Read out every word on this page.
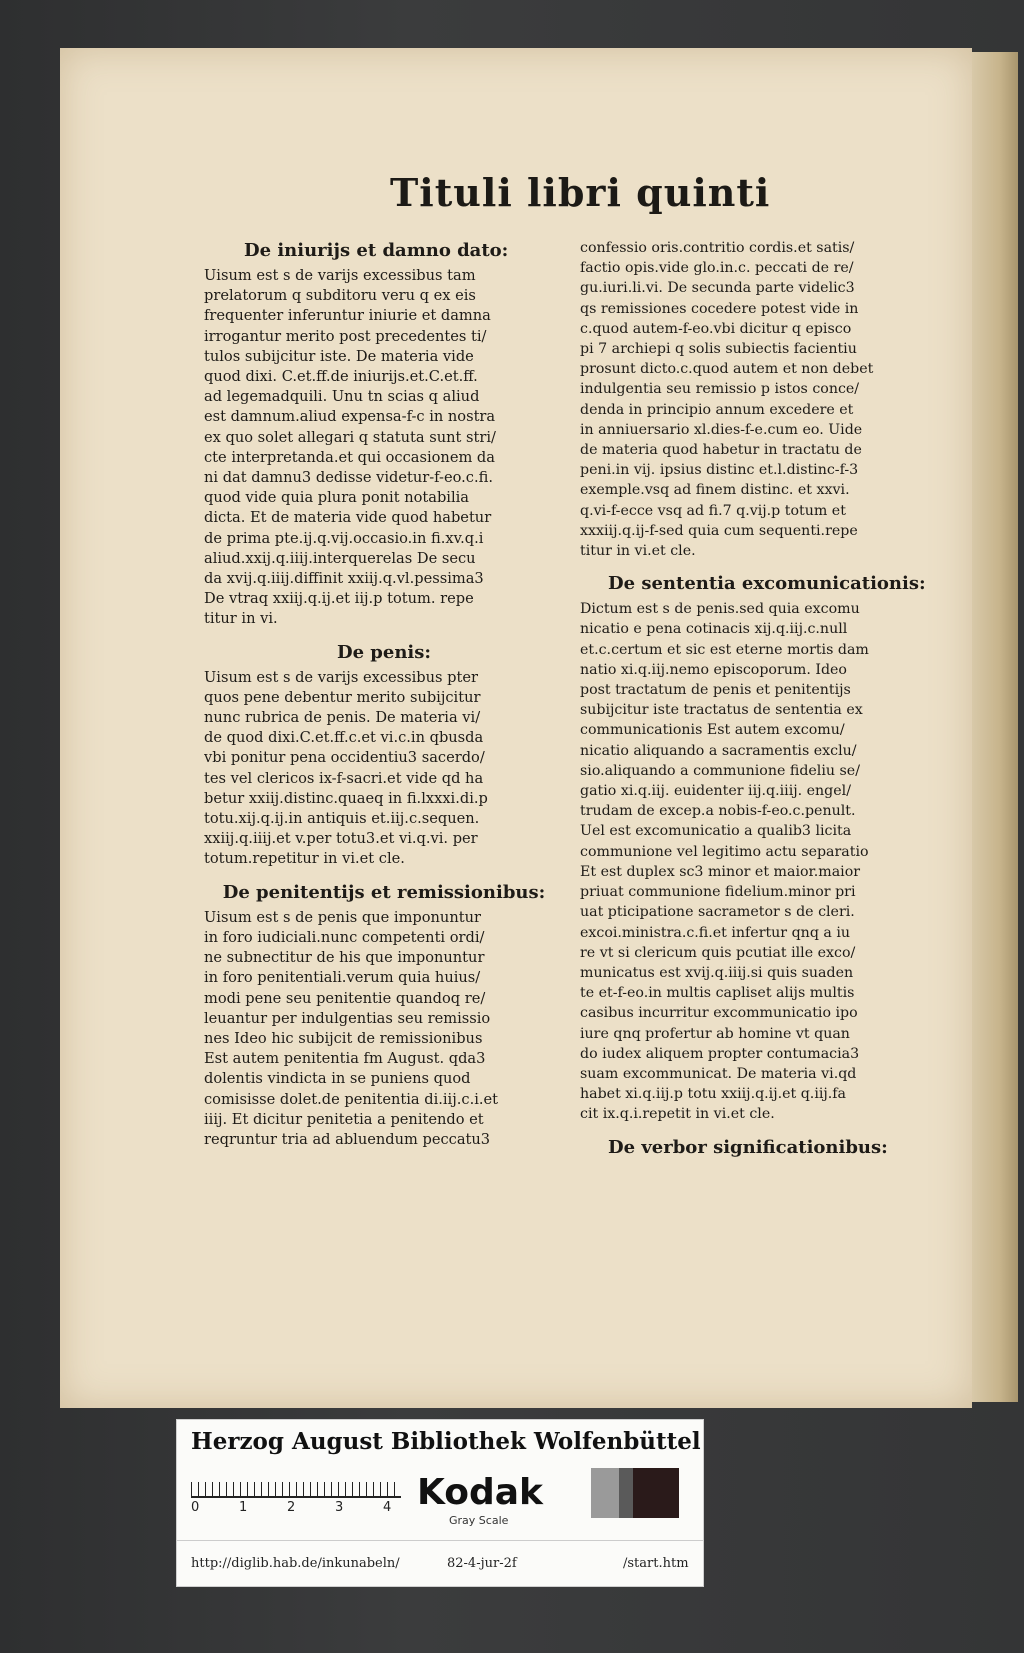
Tituli libri quinti
De iniurijs et damno dato:
Uisum est s de varijs excessibus tam
prelatorum q subditoru veru q ex eis
frequenter inferuntur iniurie et damna
irrogantur merito post precedentes ti/
tulos subijcitur iste. De materia vide
quod dixi. C.et.ff.de iniurijs.et.C.et.ff.
ad legemadquili. Unu tn scias q aliud
est damnum.aliud expensa-f-c in nostra
ex quo solet allegari q statuta sunt stri/
cte interpretanda.et qui occasionem da
ni dat damnu3 dedisse videtur-f-eo.c.fi.
quod vide quia plura ponit notabilia
dicta. Et de materia vide quod habetur
de prima pte.ij.q.vij.occasio.in fi.xv.q.i
aliud.xxij.q.iiij.interquerelas De secu
da xvij.q.iiij.diffinit xxiij.q.vl.pessima3
De vtraq xxiij.q.ij.et iij.p totum. repe
titur in vi.
De penis:
Uisum est s de varijs excessibus pter
quos pene debentur merito subijcitur
nunc rubrica de penis. De materia vi/
de quod dixi.C.et.ff.c.et vi.c.in qbusda
vbi ponitur pena occidentiu3 sacerdo/
tes vel clericos ix-f-sacri.et vide qd ha
betur xxiij.distinc.quaeq in fi.lxxxi.di.p
totu.xij.q.ij.in antiquis et.iij.c.sequen.
xxiij.q.iiij.et v.per totu3.et vi.q.vi. per
totum.repetitur in vi.et cle.
De penitentijs et remissionibus:
Uisum est s de penis que imponuntur
in foro iudiciali.nunc competenti ordi/
ne subnectitur de his que imponuntur
in foro penitentiali.verum quia huius/
modi pene seu penitentie quandoq re/
leuantur per indulgentias seu remissio
nes Ideo hic subijcit de remissionibus
Est autem penitentia fm August. qda3
dolentis vindicta in se puniens quod
comisisse dolet.de penitentia di.iij.c.i.et
iiij. Et dicitur penitetia a penitendo et
reqruntur tria ad abluendum peccatu3
confessio oris.contritio cordis.et satis/
factio opis.vide glo.in.c. peccati de re/
gu.iuri.li.vi. De secunda parte videlic3
qs remissiones cocedere potest vide in
c.quod autem-f-eo.vbi dicitur q episco
pi 7 archiepi q solis subiectis facientiu
prosunt dicto.c.quod autem et non debet
indulgentia seu remissio p istos conce/
denda in principio annum excedere et
in anniuersario xl.dies-f-e.cum eo. Uide
de materia quod habetur in tractatu de
peni.in vij. ipsius distinc et.l.distinc-f-3
exemple.vsq ad finem distinc. et xxvi.
q.vi-f-ecce vsq ad fi.7 q.vij.p totum et
xxxiij.q.ij-f-sed quia cum sequenti.repe
titur in vi.et cle.
De sententia excomunicationis:
Dictum est s de penis.sed quia excomu
nicatio e pena cotinacis xij.q.iij.c.null
et.c.certum et sic est eterne mortis dam
natio xi.q.iij.nemo episcoporum. Ideo
post tractatum de penis et penitentijs
subijcitur iste tractatus de sententia ex
communicationis Est autem excomu/
nicatio aliquando a sacramentis exclu/
sio.aliquando a communione fideliu se/
gatio xi.q.iij. euidenter iij.q.iiij. engel/
trudam de excep.a nobis-f-eo.c.penult.
Uel est excomunicatio a qualib3 licita
communione vel legitimo actu separatio
Et est duplex sc3 minor et maior.maior
priuat communione fidelium.minor pri
uat pticipatione sacrametor s de cleri.
excoi.ministra.c.fi.et infertur qnq a iu
re vt si clericum quis pcutiat ille exco/
municatus est xvij.q.iiij.si quis suaden
te et-f-eo.in multis capliset alijs multis
casibus incurritur excommunicatio ipo
iure qnq profertur ab homine vt quan
do iudex aliquem propter contumacia3
suam excommunicat. De materia vi.qd
habet xi.q.iij.p totu xxiij.q.ij.et q.iij.fa
cit ix.q.i.repetit in vi.et cle.
De verbor significationibus:
Herzog August Bibliothek Wolfenbüttel
0	1	2	3	4 Kodak
Gray Scale
http://diglib.hab.de/inkunabeln/	82-4-jur-2f	/start.htm
